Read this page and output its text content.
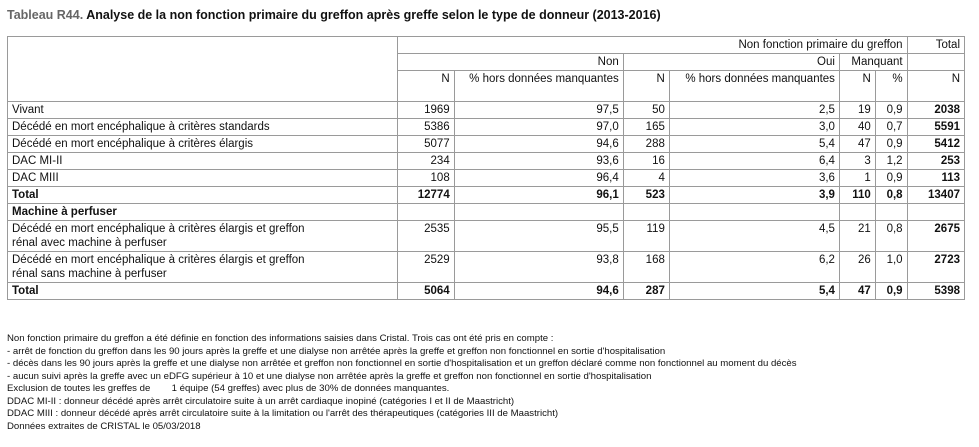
Tableau R44. Analyse de la non fonction primaire du greffon après greffe selon le type de donneur (2013-2016)
	Non fonction primaire du greffon						Total
	Non		Oui		Manquant		
	N	% hors données manquantes	N	% hors données manquantes	N	%	N
Vivant	1969	97,5	50	2,5	19	0,9	2038
Décédé en mort encéphalique à critères standards	5386	97,0	165	3,0	40	0,7	5591
Décédé en mort encéphalique à critères élargis	5077	94,6	288	5,4	47	0,9	5412
DAC MI-II	234	93,6	16	6,4	3	1,2	253
DAC MIII	108	96,4	4	3,6	1	0,9	113
Total	12774	96,1	523	3,9	110	0,8	13407
Machine à perfuser							

Décédé en mort encéphalique à critères élargis et greffon
rénal avec machine à perfuser	2535	95,5	119	4,5	21	0,8	2675

Décédé en mort encéphalique à critères élargis et greffon
rénal sans machine à perfuser	2529	93,8	168	6,2	26	1,0	2723
Total	5064	94,6	287	5,4	47	0,9	5398
Non fonction primaire du greffon a été définie en fonction des informations saisies dans Cristal. Trois cas ont été pris en compte :
- arrêt de fonction du greffon dans les 90 jours après la greffe et une dialyse non arrêtée après la greffe et greffon non fonctionnel en sortie d'hospitalisation
- décès dans les 90 jours après la greffe et une dialyse non arrêtée et greffon non fonctionnel en sortie d'hospitalisation et un greffon déclaré comme non fonctionnel au moment du décès
- aucun suivi après la greffe avec un eDFG supérieur à 10 et une dialyse non arrêtée après la greffe et greffon non fonctionnel en sortie d'hospitalisation
Exclusion de toutes les greffes de        1 équipe (54 greffes) avec plus de 30% de données manquantes.
DDAC MI-II : donneur décédé après arrêt circulatoire suite à un arrêt cardiaque inopiné (catégories I et II de Maastricht)
DDAC MIII : donneur décédé après arrêt circulatoire suite à la limitation ou l'arrêt des thérapeutiques (catégories III de Maastricht)
Données extraites de CRISTAL le 05/03/2018
